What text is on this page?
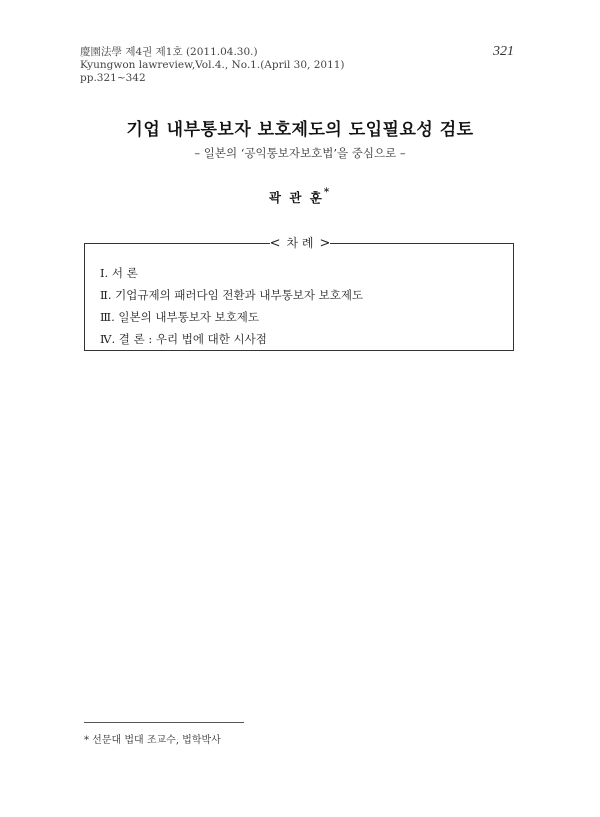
慶園法學 제4권 제1호 (2011.04.30.)
Kyungwon lawreview,Vol.4., No.1.(April 30, 2011)
pp.321~342
321
기업 내부통보자 보호제도의 도입필요성 검토
– 일본의 ‘공익통보자보호법’을 중심으로 –
곽 관 훈*
< 차 례 >
Ⅰ. 서 론
Ⅱ. 기업규제의 패러다임 전환과 내부통보자 보호제도
Ⅲ. 일본의 내부통보자 보호제도
Ⅳ. 결 론 : 우리 법에 대한 시사점
* 선문대 법대 조교수, 법학박사
